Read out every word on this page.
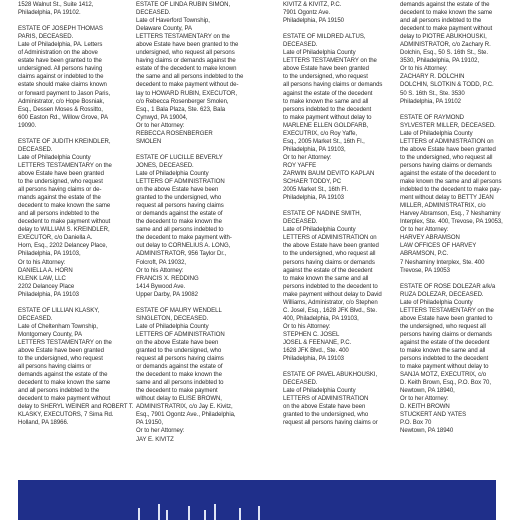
1528 Walnut St., Suite 1412,
Philadelphia, PA 19102.
ESTATE OF JOSEPH THOMAS
PARIS, DECEASED.
Late of Philadelphia, PA. Letters
of Administration on the above
estate have been granted to the
undersigned. All persons having
claims against or indebted to the
estate should make claims known
or forward payment to Jason Paris,
Administrator, c/o Hope Bosniak,
Esq., Dessen Moses & Rossitto,
600 Easton Rd., Willow Grove, PA
19090.
ESTATE OF JUDITH KREINDLER,
DECEASED.
Late of Philadelphia County
LETTERS TESTAMENTARY on the
above Estate have been granted
to the undersigned, who request
all persons having claims or de-
mands against the estate of the
decedent to make known the same
and all persons indebted to the
decedent to make payment without
delay to WILLIAM S. KREINDLER,
EXECUTOR, c/o Daniella A.
Horn, Esq., 2202 Delancey Place,
Philadelphia, PA 19103,
Or to his Attorney:
DANIELLA A. HORN
KLENK LAW, LLC
2202 Delancey Place
Philadelphia, PA 19103
ESTATE OF LILLIAN KLASKY,
DECEASED.
Late of Cheltenham Township,
Montgomery County, PA
LETTERS TESTAMENTARY on the
above Estate have been granted
to the undersigned, who request
all persons having claims or
demands against the estate of the
decedent to make known the same
and all persons indebted to the
decedent to make payment without
delay to SHERYL WEINER and ROBERT T.
KLASKY, EXECUTORS, 7 Sima Rd.
Holland, PA 18966.
ESTATE OF LINDA RUBIN SIMON,
DECEASED.
Late of Haverford Township,
Delaware County, PA
LETTERS TESTAMENTARY on the
above Estate have been granted to the
undersigned, who request all persons
having claims or demands against the
estate of the decedent to make known
the same and all persons indebted to the
decedent to make payment without de-
lay to HOWARD RUBIN, EXECUTOR,
c/o Rebecca Rosenberger Smolen,
Esq., 1 Bala Plaza, Ste. 623, Bala
Cynwyd, PA 19004,
Or to her Attorney:
REBECCA ROSENBERGER
SMOLEN
ESTATE OF LUCILLE BEVERLY
JONES, DECEASED.
Late of Philadelphia County
LETTERS OF ADMINISTRATION
on the above Estate have been
granted to the undersigned, who
request all persons having claims
or demands against the estate of
the decedent to make known the
same and all persons indebted to
the decedent to make payment with-
out delay to CORNELIUS A. LONG,
ADMINISTRATOR, 956 Taylor Dr.,
Folcroft, PA 19032,
Or to his Attorney:
FRANCIS X. REDDING
1414 Bywood Ave.
Upper Darby, PA 19082
ESTATE OF MAURY WENDELL
SINGLETON, DECEASED.
Late of Philadelphia County
LETTERS OF ADMINISTRATION
on the above Estate have been
granted to the undersigned, who
request all persons having claims
or demands against the estate of
the decedent to make known the
same and all persons indebted to
the decedent to make payment
without delay to ELISE BROWN,
ADMINISTRATRIX, c/o Jay E. Kivitz,
Esq., 7901 Ogontz Ave., Philadelphia,
PA 19150,
Or to her Attorney:
JAY E. KIVITZ
KIVITZ & KIVITZ, P.C.
7901 Ogontz Ave.
Philadelphia, PA 19150
ESTATE OF MILDRED ALTUS,
DECEASED.
Late of Philadelphia County
LETTERS TESTAMENTARY on the
above Estate have been granted
to the undersigned, who request
all persons having claims or demands
against the estate of the decedent
to make known the same and all
persons indebted to the decedent
to make payment without delay to
MARLENE ELLEN GOLDFARB,
EXECUTRIX, c/o Roy Yaffe,
Esq., 2005 Market St., 16th Fl.,
Philadelphia, PA 19103,
Or to her Attorney:
ROY YAFFE
ZARWIN BAUM DEVITO KAPLAN
SCHAER TODDY, PC
2005 Market St., 16th Fl.
Philadelphia, PA 19103
ESTATE OF NADINE SMITH,
DECEASED.
Late of Philadelphia County
LETTERS of ADMINISTRATION on
the above Estate have been granted
to the undersigned, who request all
persons having claims or demands
against the estate of the decedent
to make known the same and all
persons indebted to the decedent to
make payment without delay to David
Williams, Administrator, c/o Stephen
C. Josel, Esq., 1628 JFK Blvd., Ste.
400, Philadelphia, PA 19103,
Or to his Attorney:
STEPHEN C. JOSEL
JOSEL & FEENANE, P.C.
1628 JFK Blvd., Ste. 400
Philadelphia, PA 19103
ESTATE OF PAVEL ABUKHOUSKI,
DECEASED.
Late of Philadelphia County
LETTERS of ADMINISTRATION
on the above Estate have been
granted to the undersigned, who
request all persons having claims or
demands against the estate of the
decedent to make known the same
and all persons indebted to the
decedent to make payment without
delay to PIOTRE ABUKHOUSKI,
ADMINISTRATOR, c/o Zachary R.
Dolchin, Esq., 50 S. 16th St., Ste.
3530, Philadelphia, PA 19102,
Or to his Attorney:
ZACHARY R. DOLCHIN
DOLCHIN, SLOTKIN & TODD, P.C.
50 S. 16th St., Ste. 3530
Philadelphia, PA 19102
ESTATE OF RAYMOND
SYLVESTER MILLER, DECEASED.
Late of Philadelphia County
LETTERS of ADMINISTRATION on
the above Estate have been granted
to the undersigned, who request all
persons having claims or demands
against the estate of the decedent to
make known the same and all persons
indebted to the decedent to make pay-
ment without delay to BETTY JEAN
MILLER, ADMINISTRATRIX, c/o
Harvey Abramson, Esq., 7 Neshaminy
Interplex, Ste. 400, Trevose, PA 19053,
Or to her Attorney:
HARVEY ABRAMSON
LAW OFFICES OF HARVEY
ABRAMSON, P.C.
7 Neshaminy Interplex, Ste. 400
Trevose, PA 19053
ESTATE OF ROSE DOLEZAR a/k/a
RUZA DOLEZAR, DECEASED.
Late of Philadelphia County
LETTERS TESTAMENTARY on the
above Estate have been granted to
the undersigned, who request all
persons having claims or demands
against the estate of the decedent
to make known the same and all
persons indebted to the decedent
to make payment without delay to
SANJA MOTZ, EXECUTRIX, c/o
D. Keith Brown, Esq., P.O. Box 70,
Newtown, PA 18940,
Or to her Attorney:
D. KEITH BROWN
STUCKERT AND YATES
P.O. Box 70
Newtown, PA 18940
